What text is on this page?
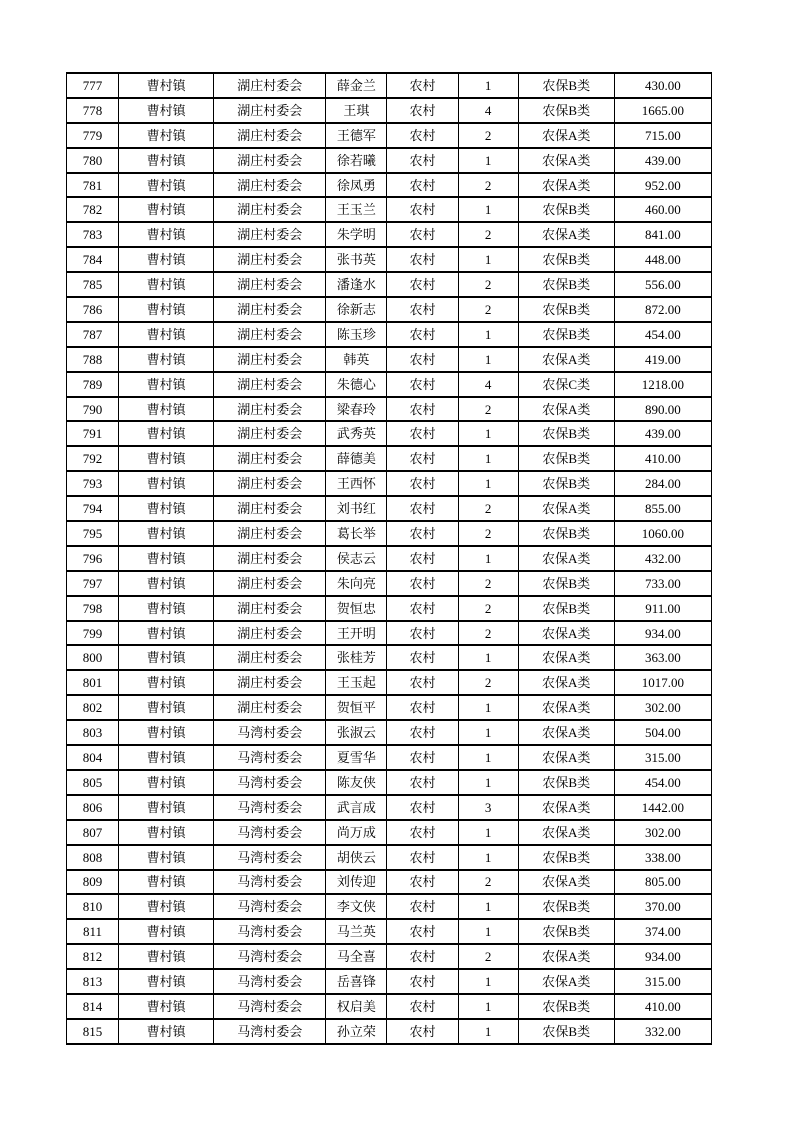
777	曹村镇	湖庄村委会	薛金兰	农村	1	农保B类	430.00
778	曹村镇	湖庄村委会	王琪	农村	4	农保B类	1665.00
779	曹村镇	湖庄村委会	王德军	农村	2	农保A类	715.00
780	曹村镇	湖庄村委会	徐若曦	农村	1	农保A类	439.00
781	曹村镇	湖庄村委会	徐凤勇	农村	2	农保A类	952.00
782	曹村镇	湖庄村委会	王玉兰	农村	1	农保B类	460.00
783	曹村镇	湖庄村委会	朱学明	农村	2	农保A类	841.00
784	曹村镇	湖庄村委会	张书英	农村	1	农保B类	448.00
785	曹村镇	湖庄村委会	潘逢水	农村	2	农保B类	556.00
786	曹村镇	湖庄村委会	徐新志	农村	2	农保B类	872.00
787	曹村镇	湖庄村委会	陈玉珍	农村	1	农保B类	454.00
788	曹村镇	湖庄村委会	韩英	农村	1	农保A类	419.00
789	曹村镇	湖庄村委会	朱德心	农村	4	农保C类	1218.00
790	曹村镇	湖庄村委会	梁春玲	农村	2	农保A类	890.00
791	曹村镇	湖庄村委会	武秀英	农村	1	农保B类	439.00
792	曹村镇	湖庄村委会	薛德美	农村	1	农保B类	410.00
793	曹村镇	湖庄村委会	王西怀	农村	1	农保B类	284.00
794	曹村镇	湖庄村委会	刘书红	农村	2	农保A类	855.00
795	曹村镇	湖庄村委会	葛长举	农村	2	农保B类	1060.00
796	曹村镇	湖庄村委会	侯志云	农村	1	农保A类	432.00
797	曹村镇	湖庄村委会	朱向亮	农村	2	农保B类	733.00
798	曹村镇	湖庄村委会	贺恒忠	农村	2	农保B类	911.00
799	曹村镇	湖庄村委会	王开明	农村	2	农保A类	934.00
800	曹村镇	湖庄村委会	张桂芳	农村	1	农保A类	363.00
801	曹村镇	湖庄村委会	王玉起	农村	2	农保A类	1017.00
802	曹村镇	湖庄村委会	贺恒平	农村	1	农保A类	302.00
803	曹村镇	马湾村委会	张淑云	农村	1	农保A类	504.00
804	曹村镇	马湾村委会	夏雪华	农村	1	农保A类	315.00
805	曹村镇	马湾村委会	陈友侠	农村	1	农保B类	454.00
806	曹村镇	马湾村委会	武言成	农村	3	农保A类	1442.00
807	曹村镇	马湾村委会	尚万成	农村	1	农保A类	302.00
808	曹村镇	马湾村委会	胡侠云	农村	1	农保B类	338.00
809	曹村镇	马湾村委会	刘传迎	农村	2	农保A类	805.00
810	曹村镇	马湾村委会	李文侠	农村	1	农保B类	370.00
811	曹村镇	马湾村委会	马兰英	农村	1	农保B类	374.00
812	曹村镇	马湾村委会	马全喜	农村	2	农保A类	934.00
813	曹村镇	马湾村委会	岳喜锋	农村	1	农保A类	315.00
814	曹村镇	马湾村委会	权启美	农村	1	农保B类	410.00
815	曹村镇	马湾村委会	孙立荣	农村	1	农保B类	332.00
